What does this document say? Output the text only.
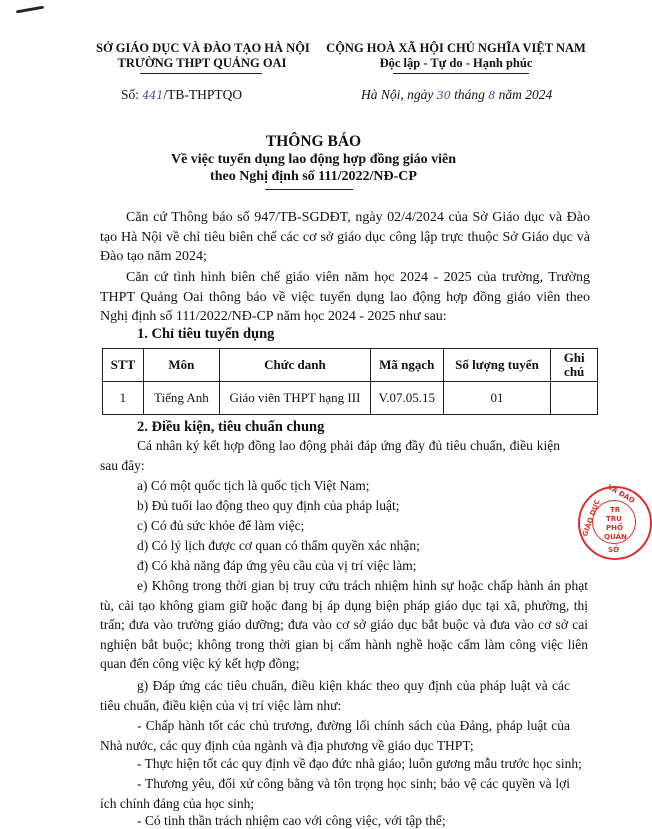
SỞ GIÁO DỤC VÀ ĐÀO TẠO HÀ NỘI
TRƯỜNG THPT QUẢNG OAI
CỘNG HOÀ XÃ HỘI CHỦ NGHĨA VIỆT NAM
Độc lập - Tự do - Hạnh phúc
Số: 441/TB-THPTQO	Hà Nội, ngày 30 tháng 8 năm 2024
THÔNG BÁO
Về việc tuyển dụng lao động hợp đồng giáo viên
theo Nghị định số 111/2022/NĐ-CP
Căn cứ Thông báo số 947/TB-SGDĐT, ngày 02/4/2024 của Sở Giáo dục và Đào tạo Hà Nội về chỉ tiêu biên chế các cơ sở giáo dục công lập trực thuộc Sở Giáo dục và Đào tạo năm 2024;
Căn cứ tình hình biên chế giáo viên năm học 2024 - 2025 của trường, Trường THPT Quảng Oai thông báo về việc tuyển dụng lao động hợp đồng giáo viên theo Nghị định số 111/2022/NĐ-CP năm học 2024 - 2025 như sau:
1. Chỉ tiêu tuyển dụng
STT	Môn	Chức danh	Mã ngạch	Số lượng tuyển	Ghi chú
1	Tiếng Anh	Giáo viên THPT hạng III	V.07.05.15	01	
2. Điều kiện, tiêu chuẩn chung
Cá nhân ký kết hợp đồng lao động phải đáp ứng đầy đủ tiêu chuẩn, điều kiện sau đây:
a) Có một quốc tịch là quốc tịch Việt Nam;
b) Đủ tuổi lao động theo quy định của pháp luật;
c) Có đủ sức khỏe để làm việc;
d) Có lý lịch được cơ quan có thẩm quyền xác nhận;
đ) Có khả năng đáp ứng yêu cầu của vị trí việc làm;
e) Không trong thời gian bị truy cứu trách nhiệm hình sự hoặc chấp hành án phạt tù, cải tạo không giam giữ hoặc đang bị áp dụng biện pháp giáo dục tại xã, phường, thị trấn; đưa vào trường giáo dưỡng; đưa vào cơ sở giáo dục bắt buộc và đưa vào cơ sở cai nghiện bắt buộc; không trong thời gian bị cấm hành nghề hoặc cấm làm công việc liên quan đến công việc ký kết hợp đồng;
g) Đáp ứng các tiêu chuẩn, điều kiện khác theo quy định của pháp luật và các tiêu chuẩn, điều kiện của vị trí việc làm như:
- Chấp hành tốt các chủ trương, đường lối chính sách của Đảng, pháp luật của Nhà nước, các quy định của ngành và địa phương về giáo dục THPT;
- Thực hiện tốt các quy định về đạo đức nhà giáo; luôn gương mẫu trước học sinh;
- Thương yêu, đối xử công bằng và tôn trọng học sinh; bảo vệ các quyền và lợi ích chính đáng của học sinh;
- Có tinh thần trách nhiệm cao với công việc, với tập thể;
VÀ ĐÀO
GIÁO DỤC TR
TRU
PHỔ
QUẢN
SỞ
